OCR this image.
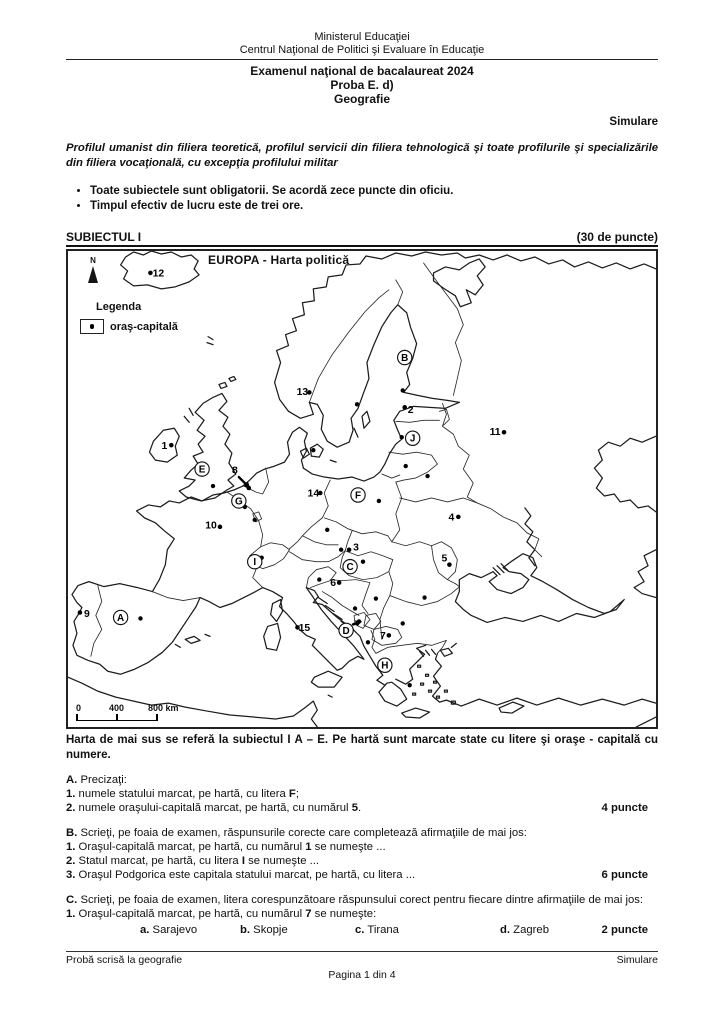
Ministerul Educaţiei
Centrul Naţional de Politici şi Evaluare în Educaţie
Examenul naţional de bacalaureat 2024
Proba E. d)
Geografie
Simulare

Profilul umanist din filiera teoretică, profilul servicii din filiera tehnologică şi toate profilurile şi specializările din filiera vocaţională, cu excepţia profilului militar

• Toate subiectele sunt obligatorii. Se acordă zece puncte din oficiu.
• Timpul efectiv de lucru este de trei ore.
SUBIECTUL I	(30 de puncte)
1
2
3
4
5
6
7
8
9
10
11
12
13
14
15
A
B
C
D
E
F
G
H
I
J
EUROPA - Harta politică
N
Legenda
oraş-capitală
0	400	800 km

Harta de mai sus se referă la subiectul I A – E. Pe hartă sunt marcate state cu litere şi oraşe - capitală cu numere.

A. Precizaţi:
1. numele statului marcat, pe hartă, cu litera F;
2. numele oraşului-capitală marcat, pe hartă, cu numărul 5.	4 puncte
B. Scrieţi, pe foaia de examen, răspunsurile corecte care completează afirmaţiile de mai jos:
1. Oraşul-capitală marcat, pe hartă, cu numărul 1 se numeşte ...
2. Statul marcat, pe hartă, cu litera I se numeşte ...
3. Oraşul Podgorica este capitala statului marcat, pe hartă, cu litera ...	6 puncte
C. Scrieţi, pe foaia de examen, litera corespunzătoare răspunsului corect pentru fiecare dintre afirmaţiile de mai jos:
1. Oraşul-capitală marcat, pe hartă, cu numărul 7 se numeşte:
a. Sarajevo	b. Skopje	c. Tirana	d. Zagreb	2 puncte
Probă scrisă la geografie	Simulare
Pagina 1 din 4
